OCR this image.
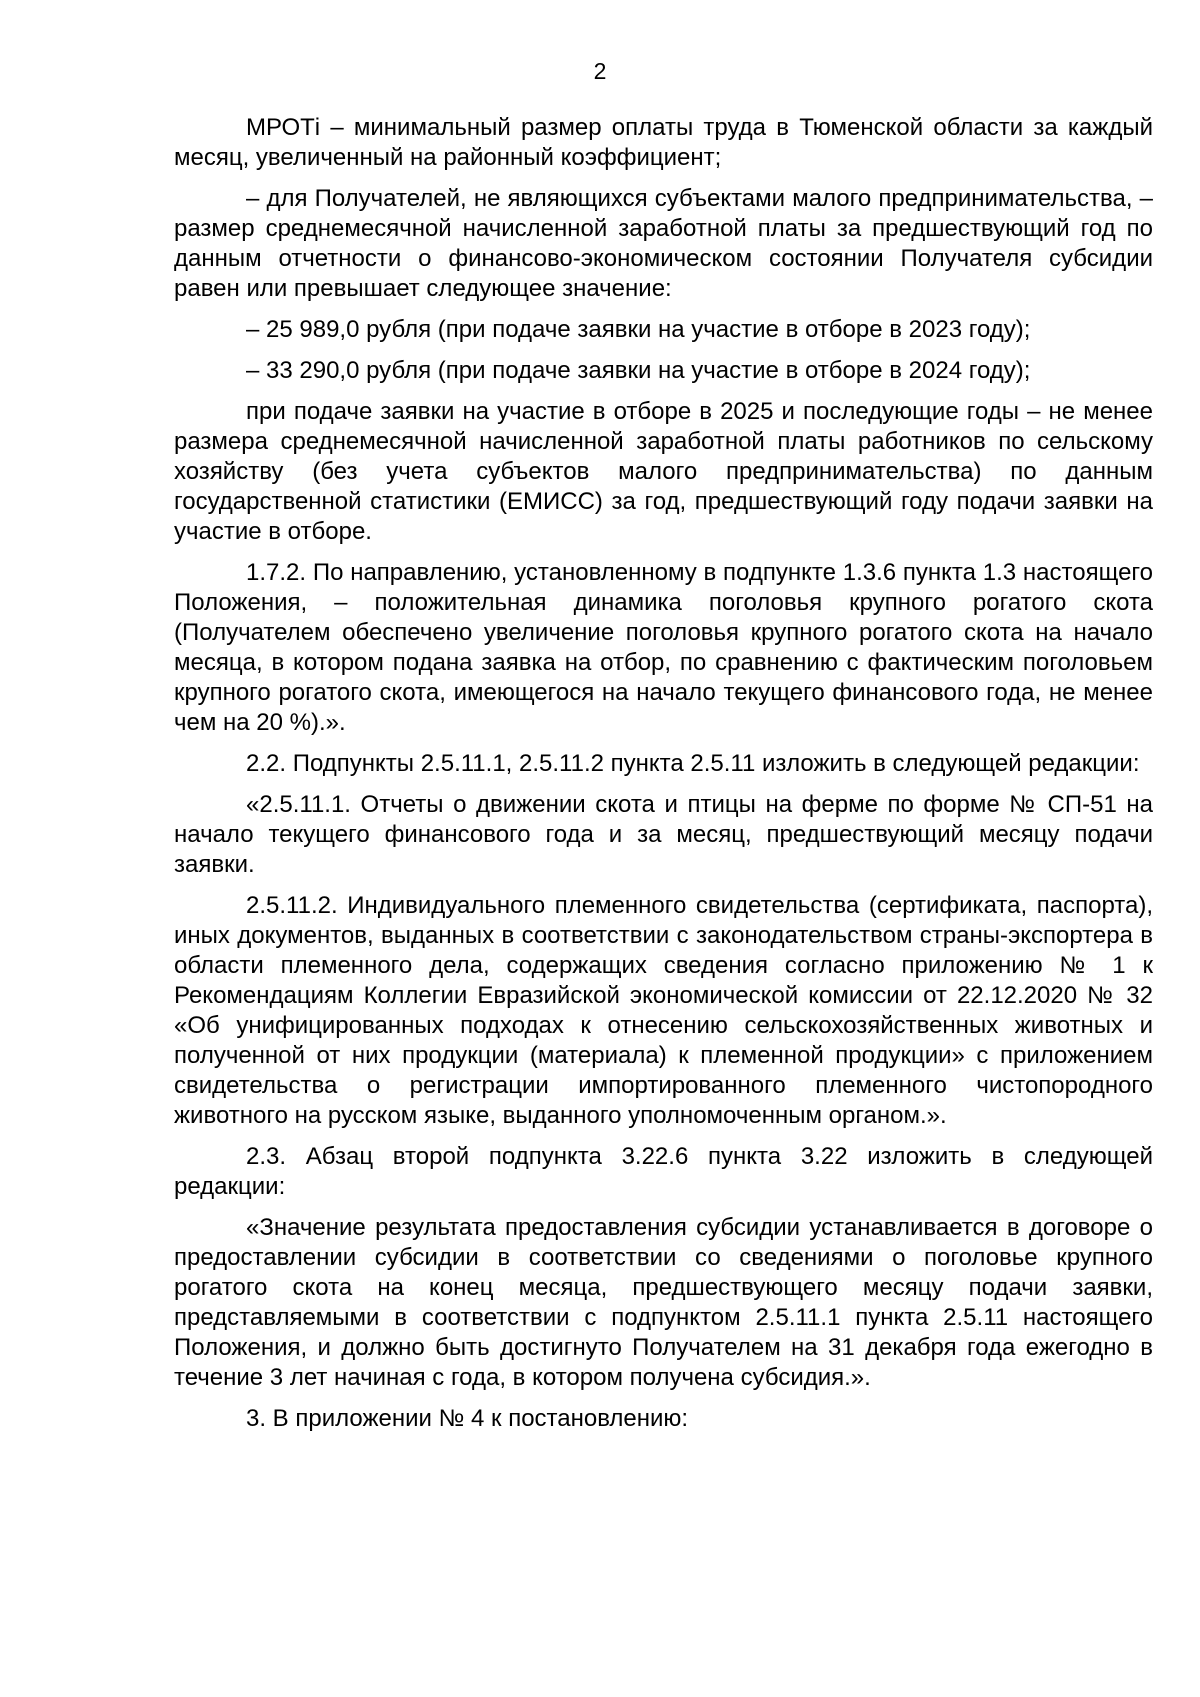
2

МРОТi – минимальный размер оплаты труда в Тюменской области за каждый месяц, увеличенный на районный коэффициент;

– для Получателей, не являющихся субъектами малого предпринимательства, – размер среднемесячной начисленной заработной платы за предшествующий год по данным отчетности о финансово-экономическом состоянии Получателя субсидии равен или превышает следующее значение:

– 25 989,0 рубля (при подаче заявки на участие в отборе в 2023 году);

– 33 290,0 рубля (при подаче заявки на участие в отборе в 2024 году);

при подаче заявки на участие в отборе в 2025 и последующие годы – не менее размера среднемесячной начисленной заработной платы работников по сельскому хозяйству (без учета субъектов малого предпринимательства) по данным государственной статистики (ЕМИСС) за год, предшествующий году подачи заявки на участие в отборе.

1.7.2. По направлению, установленному в подпункте 1.3.6 пункта 1.3 настоящего Положения, – положительная динамика поголовья крупного рогатого скота (Получателем обеспечено увеличение поголовья крупного рогатого скота на начало месяца, в котором подана заявка на отбор, по сравнению с фактическим поголовьем крупного рогатого скота, имеющегося на начало текущего финансового года, не менее чем на 20 %).».

2.2. Подпункты 2.5.11.1, 2.5.11.2 пункта 2.5.11 изложить в следующей редакции:

«2.5.11.1. Отчеты о движении скота и птицы на ферме по форме № СП-51 на начало текущего финансового года и за месяц, предшествующий месяцу подачи заявки.

2.5.11.2. Индивидуального племенного свидетельства (сертификата, паспорта), иных документов, выданных в соответствии с законодательством страны-экспортера в области племенного дела, содержащих сведения согласно приложению № 1 к Рекомендациям Коллегии Евразийской экономической комиссии от 22.12.2020 № 32 «Об унифицированных подходах к отнесению сельскохозяйственных животных и полученной от них продукции (материала) к племенной продукции» с приложением свидетельства о регистрации импортированного племенного чистопородного животного на русском языке, выданного уполномоченным органом.».

2.3. Абзац второй подпункта 3.22.6 пункта 3.22 изложить в следующей редакции:

«Значение результата предоставления субсидии устанавливается в договоре о предоставлении субсидии в соответствии со сведениями о поголовье крупного рогатого скота на конец месяца, предшествующего месяцу подачи заявки, представляемыми в соответствии с подпунктом 2.5.11.1 пункта 2.5.11 настоящего Положения, и должно быть достигнуто Получателем на 31 декабря года ежегодно в течение 3 лет начиная с года, в котором получена субсидия.».

3. В приложении № 4 к постановлению:
